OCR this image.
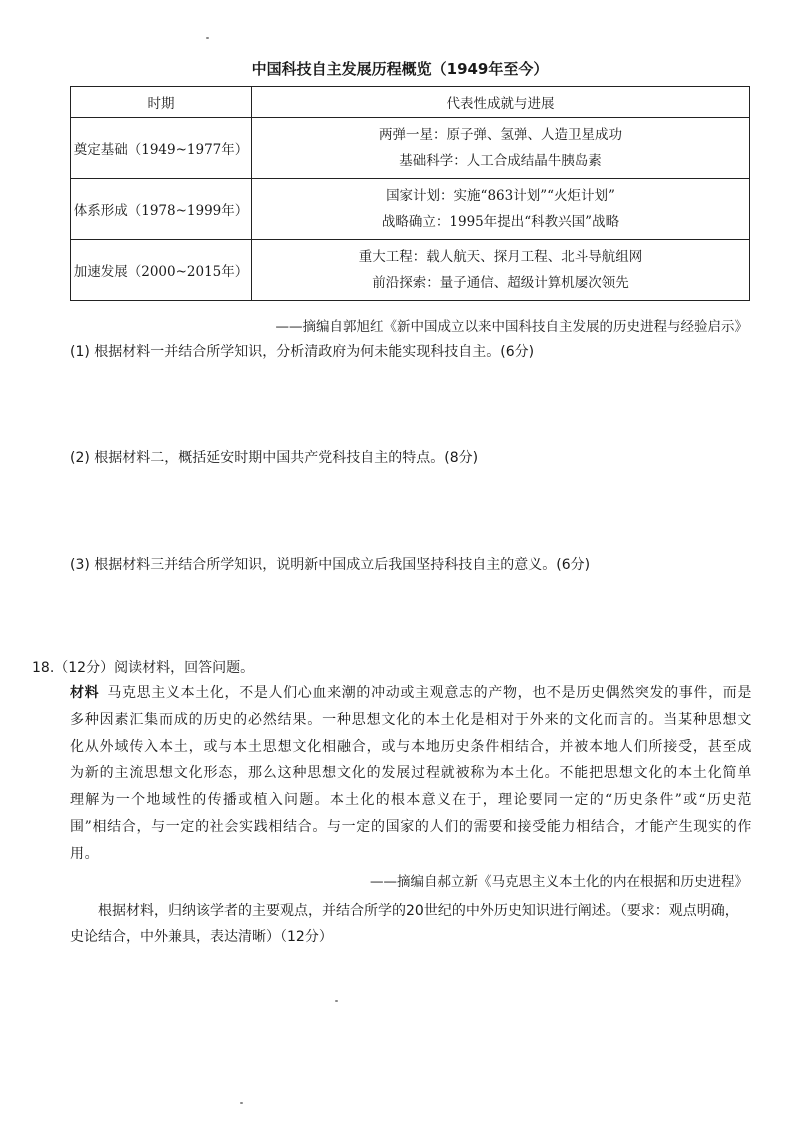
中国科技自主发展历程概览（1949年至今）
时期	代表性成就与进展
奠定基础（1949~1977年）	两弹一星：原子弹、氢弹、人造卫星成功
基础科学：人工合成结晶牛胰岛素

体系形成（1978~1999年）	国家计划：实施“863计划”“火炬计划”
战略确立：1995年提出“科教兴国”战略

加速发展（2000~2015年）	重大工程：载人航天、探月工程、北斗导航组网
前沿探索：量子通信、超级计算机屡次领先
——摘编自郭旭红《新中国成立以来中国科技自主发展的历史进程与经验启示》
(1) 根据材料一并结合所学知识，分析清政府为何未能实现科技自主。(6分)
(2) 根据材料二，概括延安时期中国共产党科技自主的特点。(8分)
(3) 根据材料三并结合所学知识，说明新中国成立后我国坚持科技自主的意义。(6分)
18.（12分）阅读材料，回答问题。
材料 马克思主义本土化，不是人们心血来潮的冲动或主观意志的产物，也不是历史偶然突发的事件，而是多种因素汇集而成的历史的必然结果。一种思想文化的本土化是相对于外来的文化而言的。当某种思想文化从外域传入本土，或与本土思想文化相融合，或与本地历史条件相结合，并被本地人们所接受，甚至成为新的主流思想文化形态，那么这种思想文化的发展过程就被称为本土化。不能把思想文化的本土化简单理解为一个地域性的传播或植入问题。本土化的根本意义在于，理论要同一定的“历史条件”或“历史范围”相结合，与一定的社会实践相结合。与一定的国家的人们的需要和接受能力相结合，才能产生现实的作用。
——摘编自郝立新《马克思主义本土化的内在根据和历史进程》
根据材料，归纳该学者的主要观点，并结合所学的20世纪的中外历史知识进行阐述。（要求：观点明确，史论结合，中外兼具，表达清晰）（12分）
